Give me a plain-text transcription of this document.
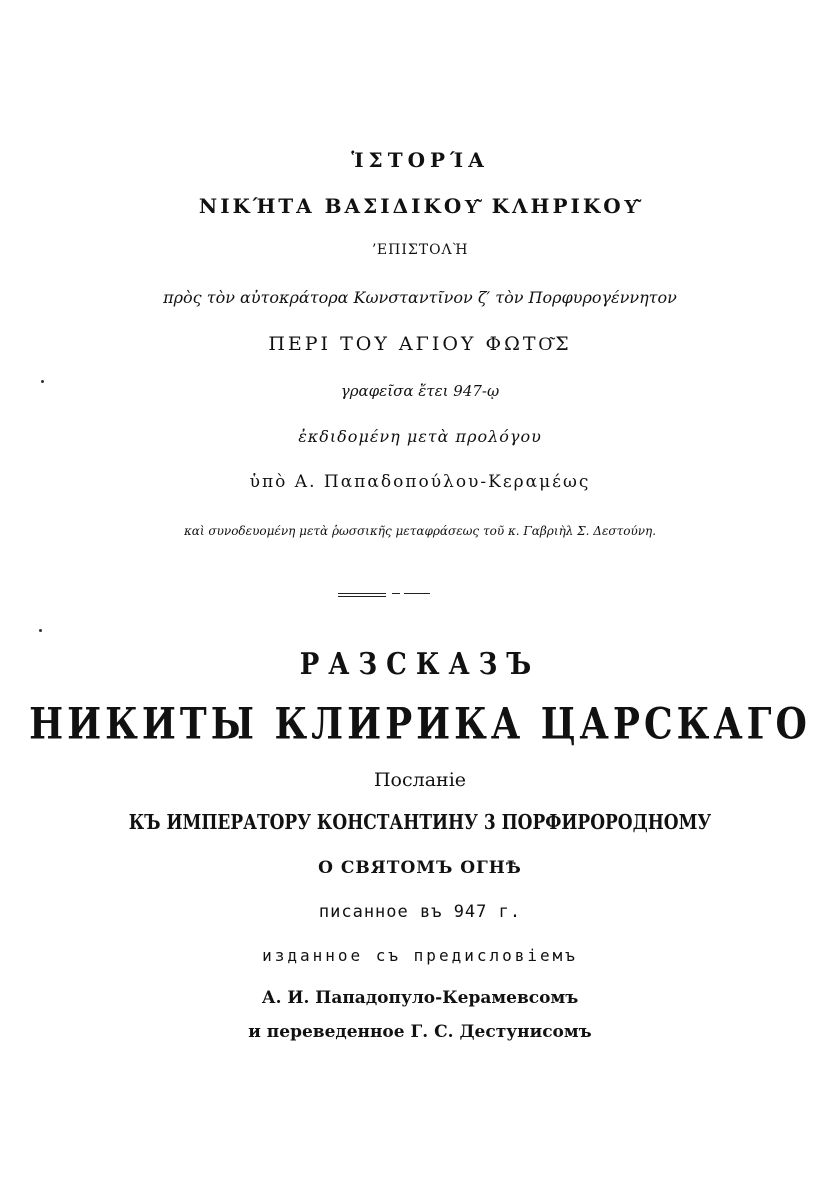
ἹΣΤΟΡΊΑ
ΝΙΚΉΤΑ ΒΑΣΙΔΙΚΟΥ͂ ΚΛΗΡΙΚΟΥ͂
ʼΕΠΙΣΤΟΛῊ
πρὸς τὸν αὐτοκράτορα Κωνσταντῖνον ζ′ τὸν Πορφυρογέννητον
ΠΕΡΙ ΤΟΥ ΑΓΙΟΥ ΦΩΤΟ͂Σ
γραφεῖσα ἔτει 947-ῳ
ἐκδιδομένη μετὰ προλόγου
ὑπὸ Α. Παπαδοπούλου-Κεραμέως
καὶ συνοδευομένη μετὰ ῥωσσικῆς μεταφράσεως τοῦ κ. Γαβριὴλ Σ. Δεστούνη.
РАЗСКАЗЪ
НИКИТЫ КЛИРИКА ЦАРСКАГО
Посланіе
КЪ ИМПЕРАТОРУ КОНСТАНТИНУ 3 ПОРФИРОРОДНОМУ
О СВЯТОМЪ ОГНѢ
писанное въ 947 г.
изданное съ предисловіемъ
А. И. Пападопуло-Керамевсомъ
и переведенное Г. С. Дестунисомъ
